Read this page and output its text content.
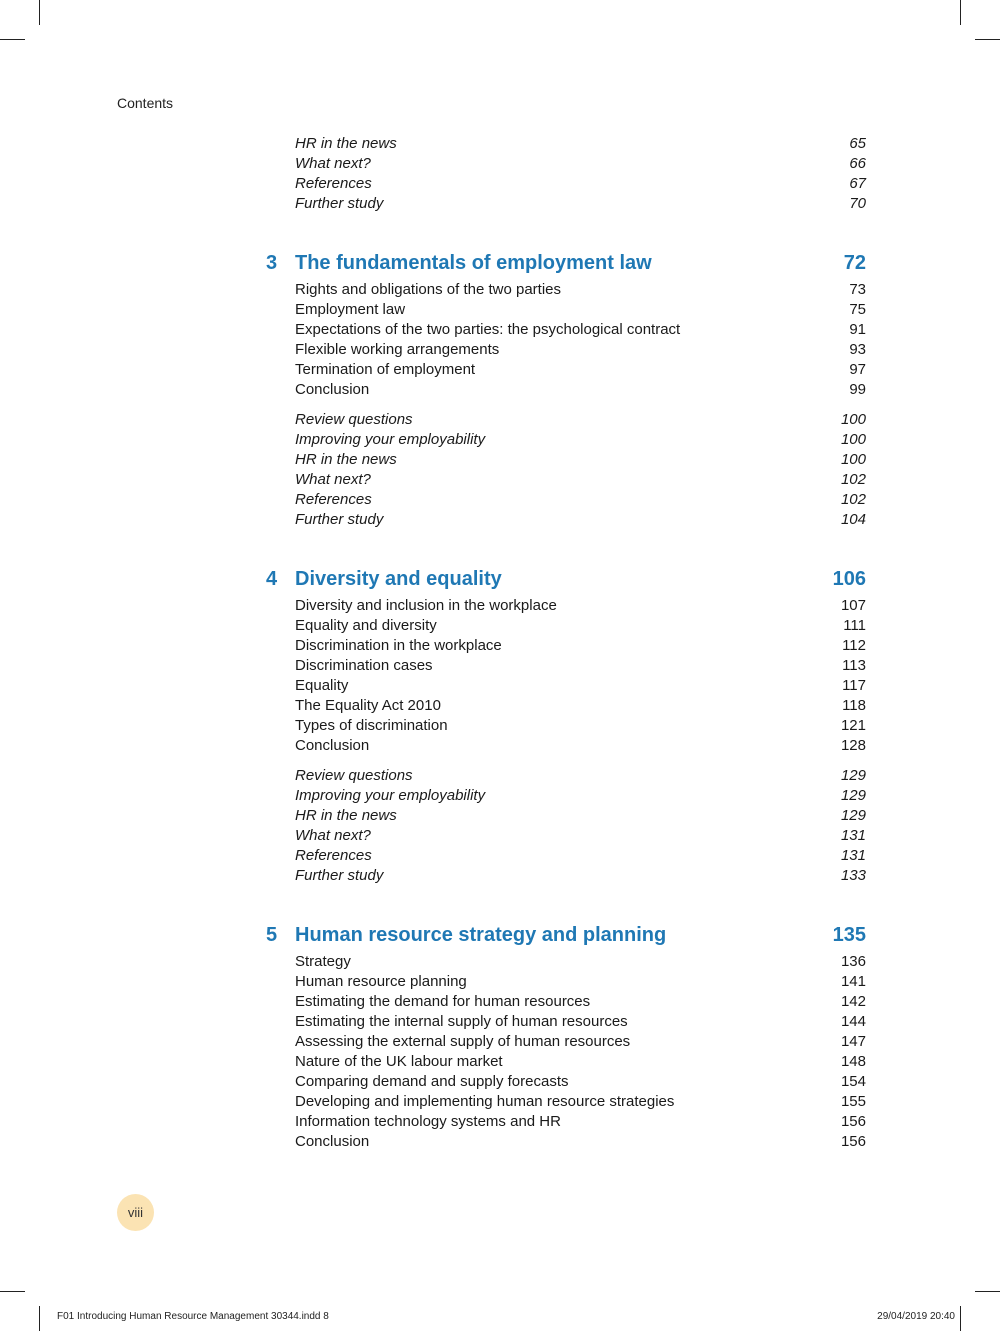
Contents
HR in the news	65
What next?	66
References	67
Further study	70
3 The fundamentals of employment law	72
Rights and obligations of the two parties	73
Employment law	75
Expectations of the two parties: the psychological contract	91
Flexible working arrangements	93
Termination of employment	97
Conclusion	99
Review questions	100
Improving your employability	100
HR in the news	100
What next?	102
References	102
Further study	104
4 Diversity and equality	106
Diversity and inclusion in the workplace	107
Equality and diversity	111
Discrimination in the workplace	112
Discrimination cases	113
Equality	117
The Equality Act 2010	118
Types of discrimination	121
Conclusion	128
Review questions	129
Improving your employability	129
HR in the news	129
What next?	131
References	131
Further study	133
5 Human resource strategy and planning	135
Strategy	136
Human resource planning	141
Estimating the demand for human resources	142
Estimating the internal supply of human resources	144
Assessing the external supply of human resources	147
Nature of the UK labour market	148
Comparing demand and supply forecasts	154
Developing and implementing human resource strategies	155
Information technology systems and HR	156
Conclusion	156
viii
F01 Introducing Human Resource Management 30344.indd 8	29/04/2019 20:40
